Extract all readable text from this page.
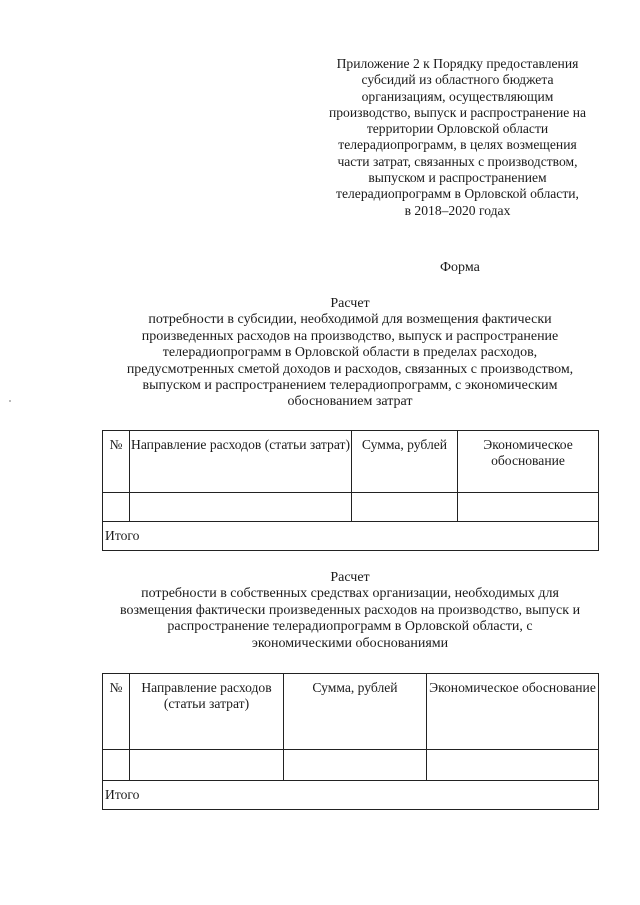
Приложение 2 к Порядку предоставления
субсидий из областного бюджета
организациям, осуществляющим
производство, выпуск и распространение на
территории Орловской области
телерадиопрограмм, в целях возмещения
части затрат, связанных с производством,
выпуском и распространением
телерадиопрограмм в Орловской области,
в 2018–2020 годах
Форма
Расчет
потребности в субсидии, необходимой для возмещения фактически
произведенных расходов на производство, выпуск и распространение
телерадиопрограмм в Орловской области в пределах расходов,
предусмотренных сметой доходов и расходов, связанных с производством,
выпуском и распространением телерадиопрограмм, с экономическим
обоснованием затрат
№	Направление расходов (статьи затрат)	Сумма, рублей	Экономическое обоснование

Итого			
Расчет
потребности в собственных средствах организации, необходимых для
возмещения фактически произведенных расходов на производство, выпуск и
распространение телерадиопрограмм в Орловской области, с
экономическими обоснованиями
№	Направление расходов (статьи затрат)	Сумма, рублей	Экономическое обоснование

Итого			
